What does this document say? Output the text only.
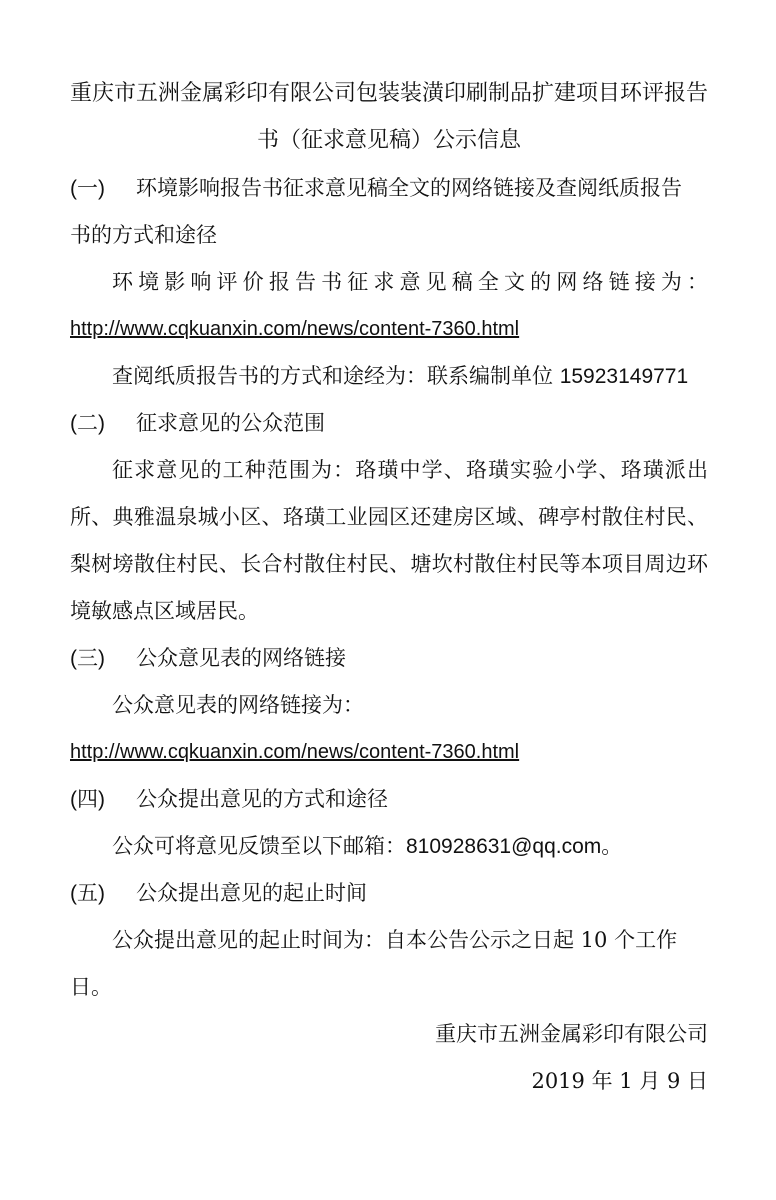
重庆市五洲金属彩印有限公司包装装潢印刷制品扩建项目环评报告
书（征求意见稿）公示信息
(一) 环境影响报告书征求意见稿全文的网络链接及查阅纸质报告
书的方式和途径

环境影响评价报告书征求意见稿全文的网络链接为：

http://www.cqkuanxin.com/news/content-7360.html

查阅纸质报告书的方式和途经为：联系编制单位 15923149771

(二) 征求意见的公众范围

征求意见的工种范围为：珞璜中学、珞璜实验小学、珞璜派出所、典雅温泉城小区、珞璜工业园区还建房区域、碑亭村散住村民、梨树塝散住村民、长合村散住村民、塘坎村散住村民等本项目周边环境敏感点区域居民。

(三) 公众意见表的网络链接

公众意见表的网络链接为：

http://www.cqkuanxin.com/news/content-7360.html

(四) 公众提出意见的方式和途径

公众可将意见反馈至以下邮箱：810928631@qq.com。

(五) 公众提出意见的起止时间

公众提出意见的起止时间为：自本公告公示之日起 10 个工作日。

重庆市五洲金属彩印有限公司

2019 年 1 月 9 日
